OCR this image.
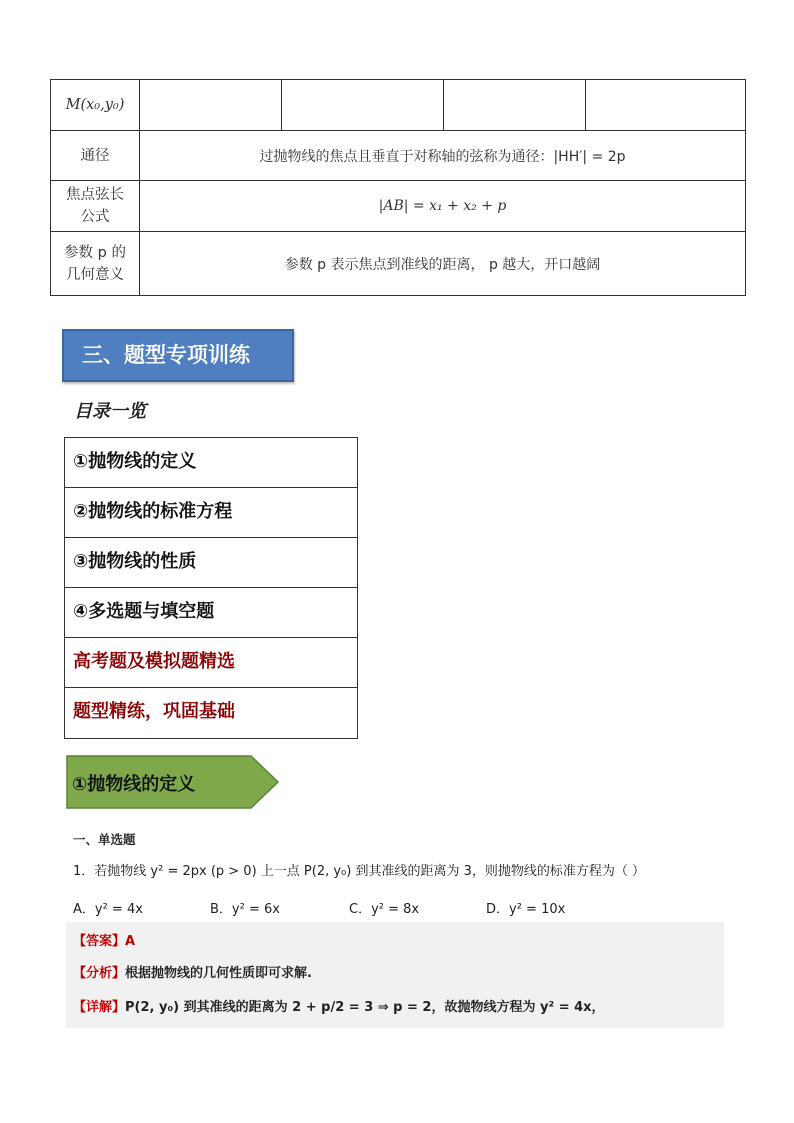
M(x₀,y₀)				
通径	过抛物线的焦点且垂直于对称轴的弦称为通径：|HH′| = 2p			

焦点弦长
公式	|AB| = x₁ + x₂ + p			

参数 p 的
几何意义	参数 p 表示焦点到准线的距离， p 越大，开口越阔			
三、题型专项训练
目录一览
①抛物线的定义
②抛物线的标准方程
③抛物线的性质
④多选题与填空题
高考题及模拟题精选
题型精练，巩固基础
①抛物线的定义
一、单选题
1．若抛物线 y² = 2px (p > 0) 上一点 P(2, y₀) 到其准线的距离为 3，则抛物线的标准方程为（ ）
A．y² = 4x	B．y² = 6x	C．y² = 8x	D．y² = 10x
【答案】A
【分析】根据抛物线的几何性质即可求解.
【详解】P(2, y₀) 到其准线的距离为 2 + p/2 = 3 ⇒ p = 2，故抛物线方程为 y² = 4x，
